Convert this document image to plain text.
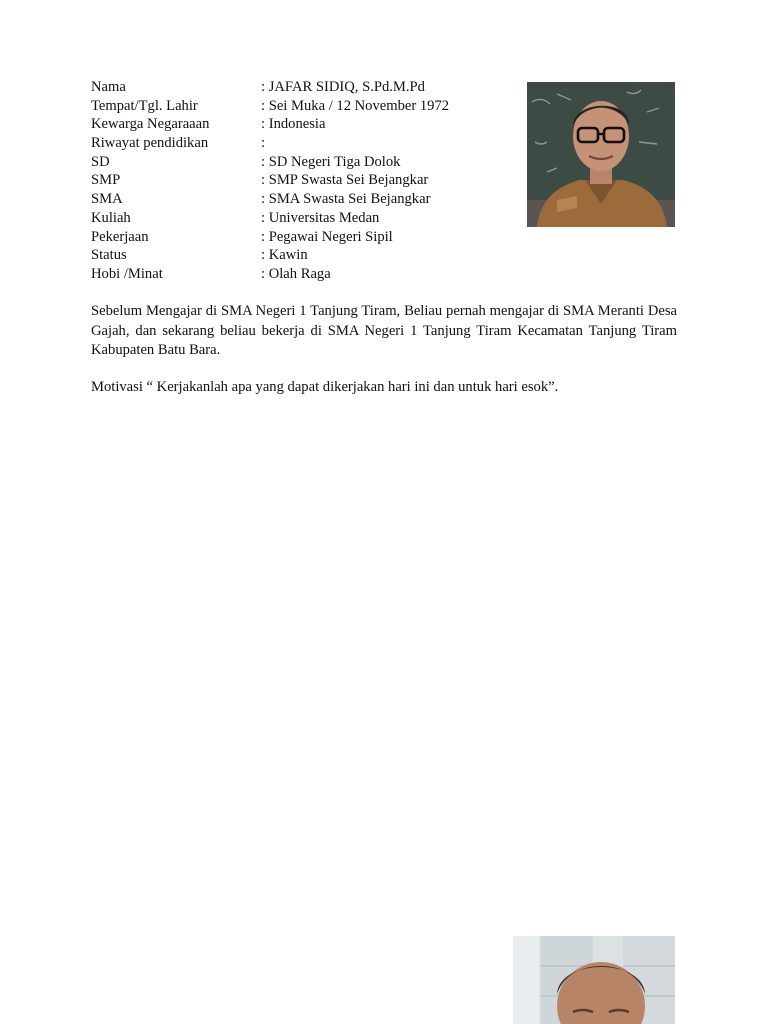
Nama	: JAFAR SIDIQ, S.Pd.M.Pd
Tempat/Tgl. Lahir	: Sei Muka / 12 November 1972
Kewarga Negaraaan	: Indonesia
Riwayat pendidikan	:
SD	: SD Negeri Tiga Dolok
SMP	: SMP Swasta Sei Bejangkar
SMA	: SMA Swasta Sei Bejangkar
Kuliah	: Universitas Medan
Pekerjaan	: Pegawai Negeri Sipil
Status	: Kawin
Hobi /Minat	: Olah Raga

Sebelum Mengajar di SMA Negeri 1 Tanjung Tiram, Beliau pernah mengajar di SMA Meranti Desa Gajah, dan sekarang beliau bekerja di SMA Negeri 1 Tanjung Tiram Kecamatan Tanjung Tiram Kabupaten Batu Bara.

Motivasi “ Kerjakanlah apa yang dapat dikerjakan hari ini dan untuk hari esok”.
